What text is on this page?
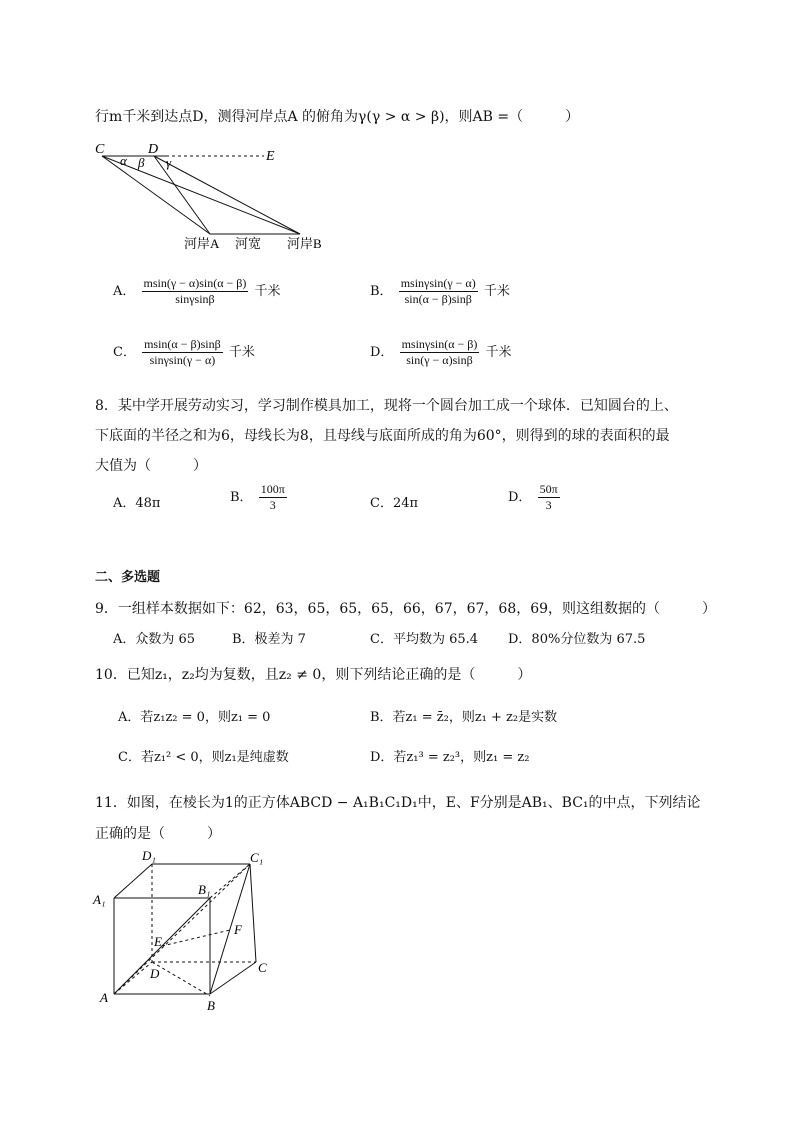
行m千米到达点D，测得河岸点A 的俯角为γ(γ > α > β)，则AB =（　　　）
C	D	E
α β γ
河岸A 河宽 河岸B
A． $\frac{msin(\gamma - \alpha)\sin(\alpha - \beta)}{\sin\gamma\sin\beta}$ 千米	B． $\frac{msin\gamma\sin(\gamma - \alpha)}{\sin(\alpha - \beta)\sin\beta}$ 千米
C． $\frac{msin(\alpha - \beta)\sin\beta}{\sin\gamma\sin(\gamma - \alpha)}$ 千米	D． $\frac{msin\gamma\sin(\alpha - \beta)}{\sin(\gamma - \alpha)\sin\beta}$ 千米
8．某中学开展劳动实习，学习制作模具加工，现将一个圆台加工成一个球体．已知圆台的上、
下底面的半径之和为6，母线长为8，且母线与底面所成的角为60°，则得到的球的表面积的最
大值为（　　　）
A．48π	B． $\frac{100\pi}{3}$	C．24π	D． $\frac{50\pi}{3}$
二、多选题
9．一组样本数据如下：62，63，65，65，65，66，67，67，68，69，则这组数据的（　　　）
A．众数为 65	B．极差为 7	C．平均数为 65.4 D．80%分位数为 67.5
10．已知z₁，z₂均为复数，且z₂ ≠ 0，则下列结论正确的是（　　　）
A．若z₁z₂ = 0，则z₁ = 0	B．若z₁ = z̄₂，则z₁ + z₂是实数
C．若z₁² < 0，则z₁是纯虚数	D．若z₁³ = z₂³，则z₁ = z₂
11．如图，在棱长为1的正方体ABCD − A₁B₁C₁D₁中，E、F分别是AB₁、BC₁的中点，下列结论
正确的是（　　　）
D₁	C₁
B₁
A₁
E
F
D	C
A
B
